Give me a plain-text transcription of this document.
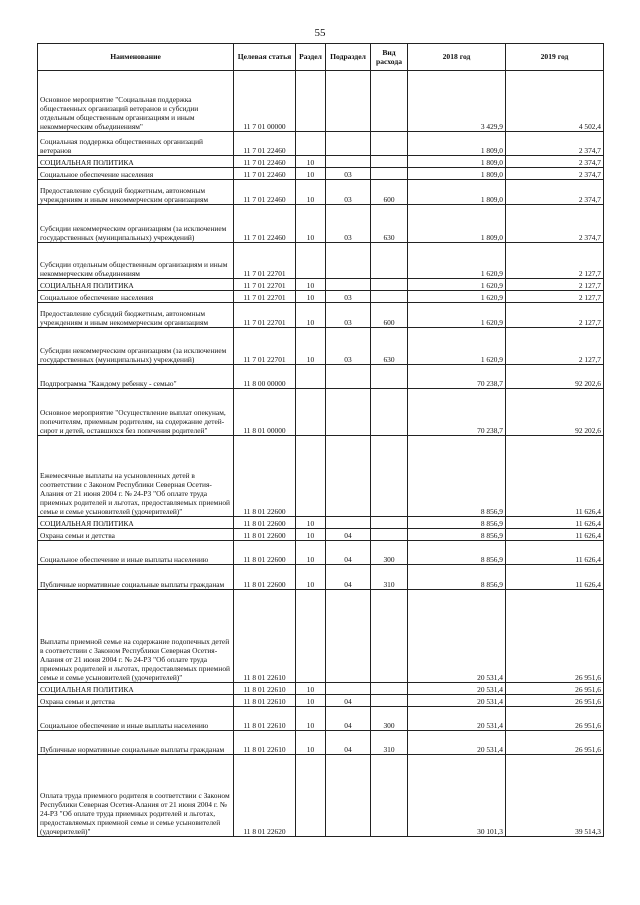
55
Наименование	Целевая статья	Раздел	Подраздел	Вид расхода	2018 год	2019 год
Основное мероприятие "Социальная поддержка общественных организаций ветеранов и субсидии отдельным общественным организациям и иным некоммерческим объединениям"	11 7 01 00000				3 429,9	4 502,4
Социальная поддержка общественных организаций ветеранов	11 7 01 22460				1 809,0	2 374,7
СОЦИАЛЬНАЯ ПОЛИТИКА	11 7 01 22460	10			1 809,0	2 374,7
Социальное обеспечение населения	11 7 01 22460	10	03		1 809,0	2 374,7
Предоставление субсидий бюджетным, автономным учреждениям и иным некоммерческим организациям	11 7 01 22460	10	03	600	1 809,0	2 374,7
Субсидии некоммерческим организациям (за исключением государственных (муниципальных) учреждений)	11 7 01 22460	10	03	630	1 809,0	2 374,7
Субсидии отдельным общественным организациям и иным некоммерческим объединениям	11 7 01 22701				1 620,9	2 127,7
СОЦИАЛЬНАЯ ПОЛИТИКА	11 7 01 22701	10			1 620,9	2 127,7
Социальное обеспечение населения	11 7 01 22701	10	03		1 620,9	2 127,7
Предоставление субсидий бюджетным, автономным учреждениям и иным некоммерческим организациям	11 7 01 22701	10	03	600	1 620,9	2 127,7
Субсидии некоммерческим организациям (за исключением государственных (муниципальных) учреждений)	11 7 01 22701	10	03	630	1 620,9	2 127,7
Подпрограмма "Каждому ребенку - семью"	11 8 00 00000				70 238,7	92 202,6
Основное мероприятие "Осуществление выплат опекунам, попечителям, приемным родителям, на содержание детей-сирот и детей, оставшихся без попечения родителей"	11 8 01 00000				70 238,7	92 202,6
Ежемесячные выплаты на усыновленных детей в соответствии с Законом Республики Северная Осетия-Алания от 21 июня 2004 г. № 24-РЗ "Об оплате труда приемных родителей и льготах, предоставляемых приемной семье и семье усыновителей (удочерителей)"	11 8 01 22600				8 856,9	11 626,4
СОЦИАЛЬНАЯ ПОЛИТИКА	11 8 01 22600	10			8 856,9	11 626,4
Охрана семьи и детства	11 8 01 22600	10	04		8 856,9	11 626,4
Социальное обеспечение и иные выплаты населению	11 8 01 22600	10	04	300	8 856,9	11 626,4
Публичные нормативные социальные выплаты гражданам	11 8 01 22600	10	04	310	8 856,9	11 626,4
Выплаты приемной семье на содержание подопечных детей в соответствии с Законом Республики Северная Осетия-Алания от 21 июня 2004 г. № 24-РЗ "Об оплате труда приемных родителей и льготах, предоставляемых приемной семье и семье усыновителей (удочерителей)"	11 8 01 22610				20 531,4	26 951,6
СОЦИАЛЬНАЯ ПОЛИТИКА	11 8 01 22610	10			20 531,4	26 951,6
Охрана семьи и детства	11 8 01 22610	10	04		20 531,4	26 951,6
Социальное обеспечение и иные выплаты населению	11 8 01 22610	10	04	300	20 531,4	26 951,6
Публичные нормативные социальные выплаты гражданам	11 8 01 22610	10	04	310	20 531,4	26 951,6
Оплата труда приемного родителя в соответствии с Законом Республики Северная Осетия-Алания от 21 июня 2004 г. № 24-РЗ "Об оплате труда приемных родителей и льготах, предоставляемых приемной семье и семье усыновителей (удочерителей)"	11 8 01 22620				30 101,3	39 514,3
